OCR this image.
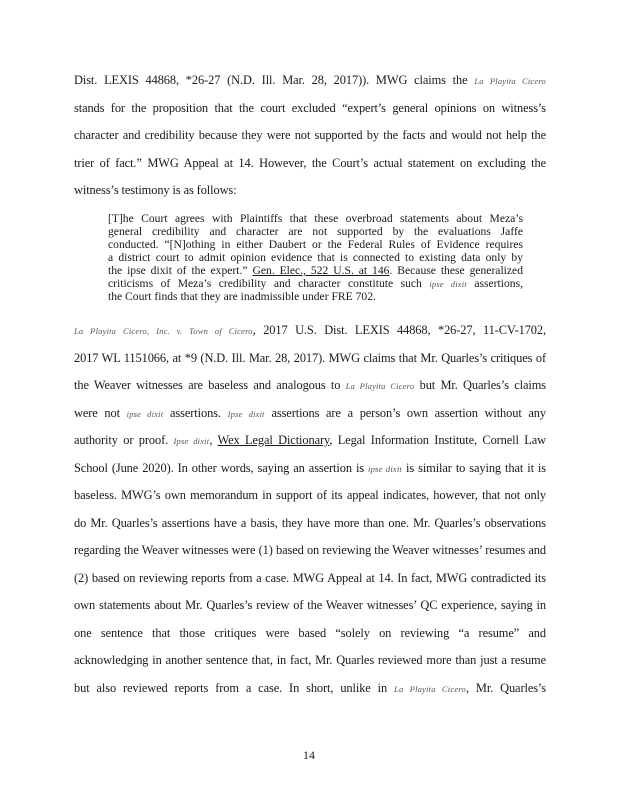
Dist. LEXIS 44868, *26-27 (N.D. Ill. Mar. 28, 2017)). MWG claims the La Playita Cicero
stands for the proposition that the court excluded “expert’s general opinions on witness’s
character and credibility because they were not supported by the facts and would not help the
trier of fact.” MWG Appeal at 14. However, the Court’s actual statement on excluding the
witness’s testimony is as follows:
[T]he Court agrees with Plaintiffs that these overbroad statements about Meza’s
general credibility and character are not supported by the evaluations Jaffe
conducted. “[N]othing in either Daubert or the Federal Rules of Evidence requires
a district court to admit opinion evidence that is connected to existing data only by
the ipse dixit of the expert.” Gen. Elec., 522 U.S. at 146. Because these generalized
criticisms of Meza’s credibility and character constitute such ipse dixit assertions,
the Court finds that they are inadmissible under FRE 702.
La Playita Cicero, Inc. v. Town of Cicero, 2017 U.S. Dist. LEXIS 44868, *26-27, 11-CV-1702,
2017 WL 1151066, at *9 (N.D. Ill. Mar. 28, 2017). MWG claims that Mr. Quarles’s critiques of
the Weaver witnesses are baseless and analogous to La Playita Cicero but Mr. Quarles’s claims
were not ipse dixit assertions. Ipse dixit assertions are a person’s own assertion without any
authority or proof. Ipse dixit, Wex Legal Dictionary, Legal Information Institute, Cornell Law
School (June 2020). In other words, saying an assertion is ipse dixit is similar to saying that it is
baseless. MWG’s own memorandum in support of its appeal indicates, however, that not only
do Mr. Quarles’s assertions have a basis, they have more than one. Mr. Quarles’s observations
regarding the Weaver witnesses were (1) based on reviewing the Weaver witnesses’ resumes and
(2) based on reviewing reports from a case. MWG Appeal at 14. In fact, MWG contradicted its
own statements about Mr. Quarles’s review of the Weaver witnesses’ QC experience, saying in
one sentence that those critiques were based “solely on reviewing “a resume” and
acknowledging in another sentence that, in fact, Mr. Quarles reviewed more than just a resume
but also reviewed reports from a case. In short, unlike in La Playita Cicero, Mr. Quarles’s
14
